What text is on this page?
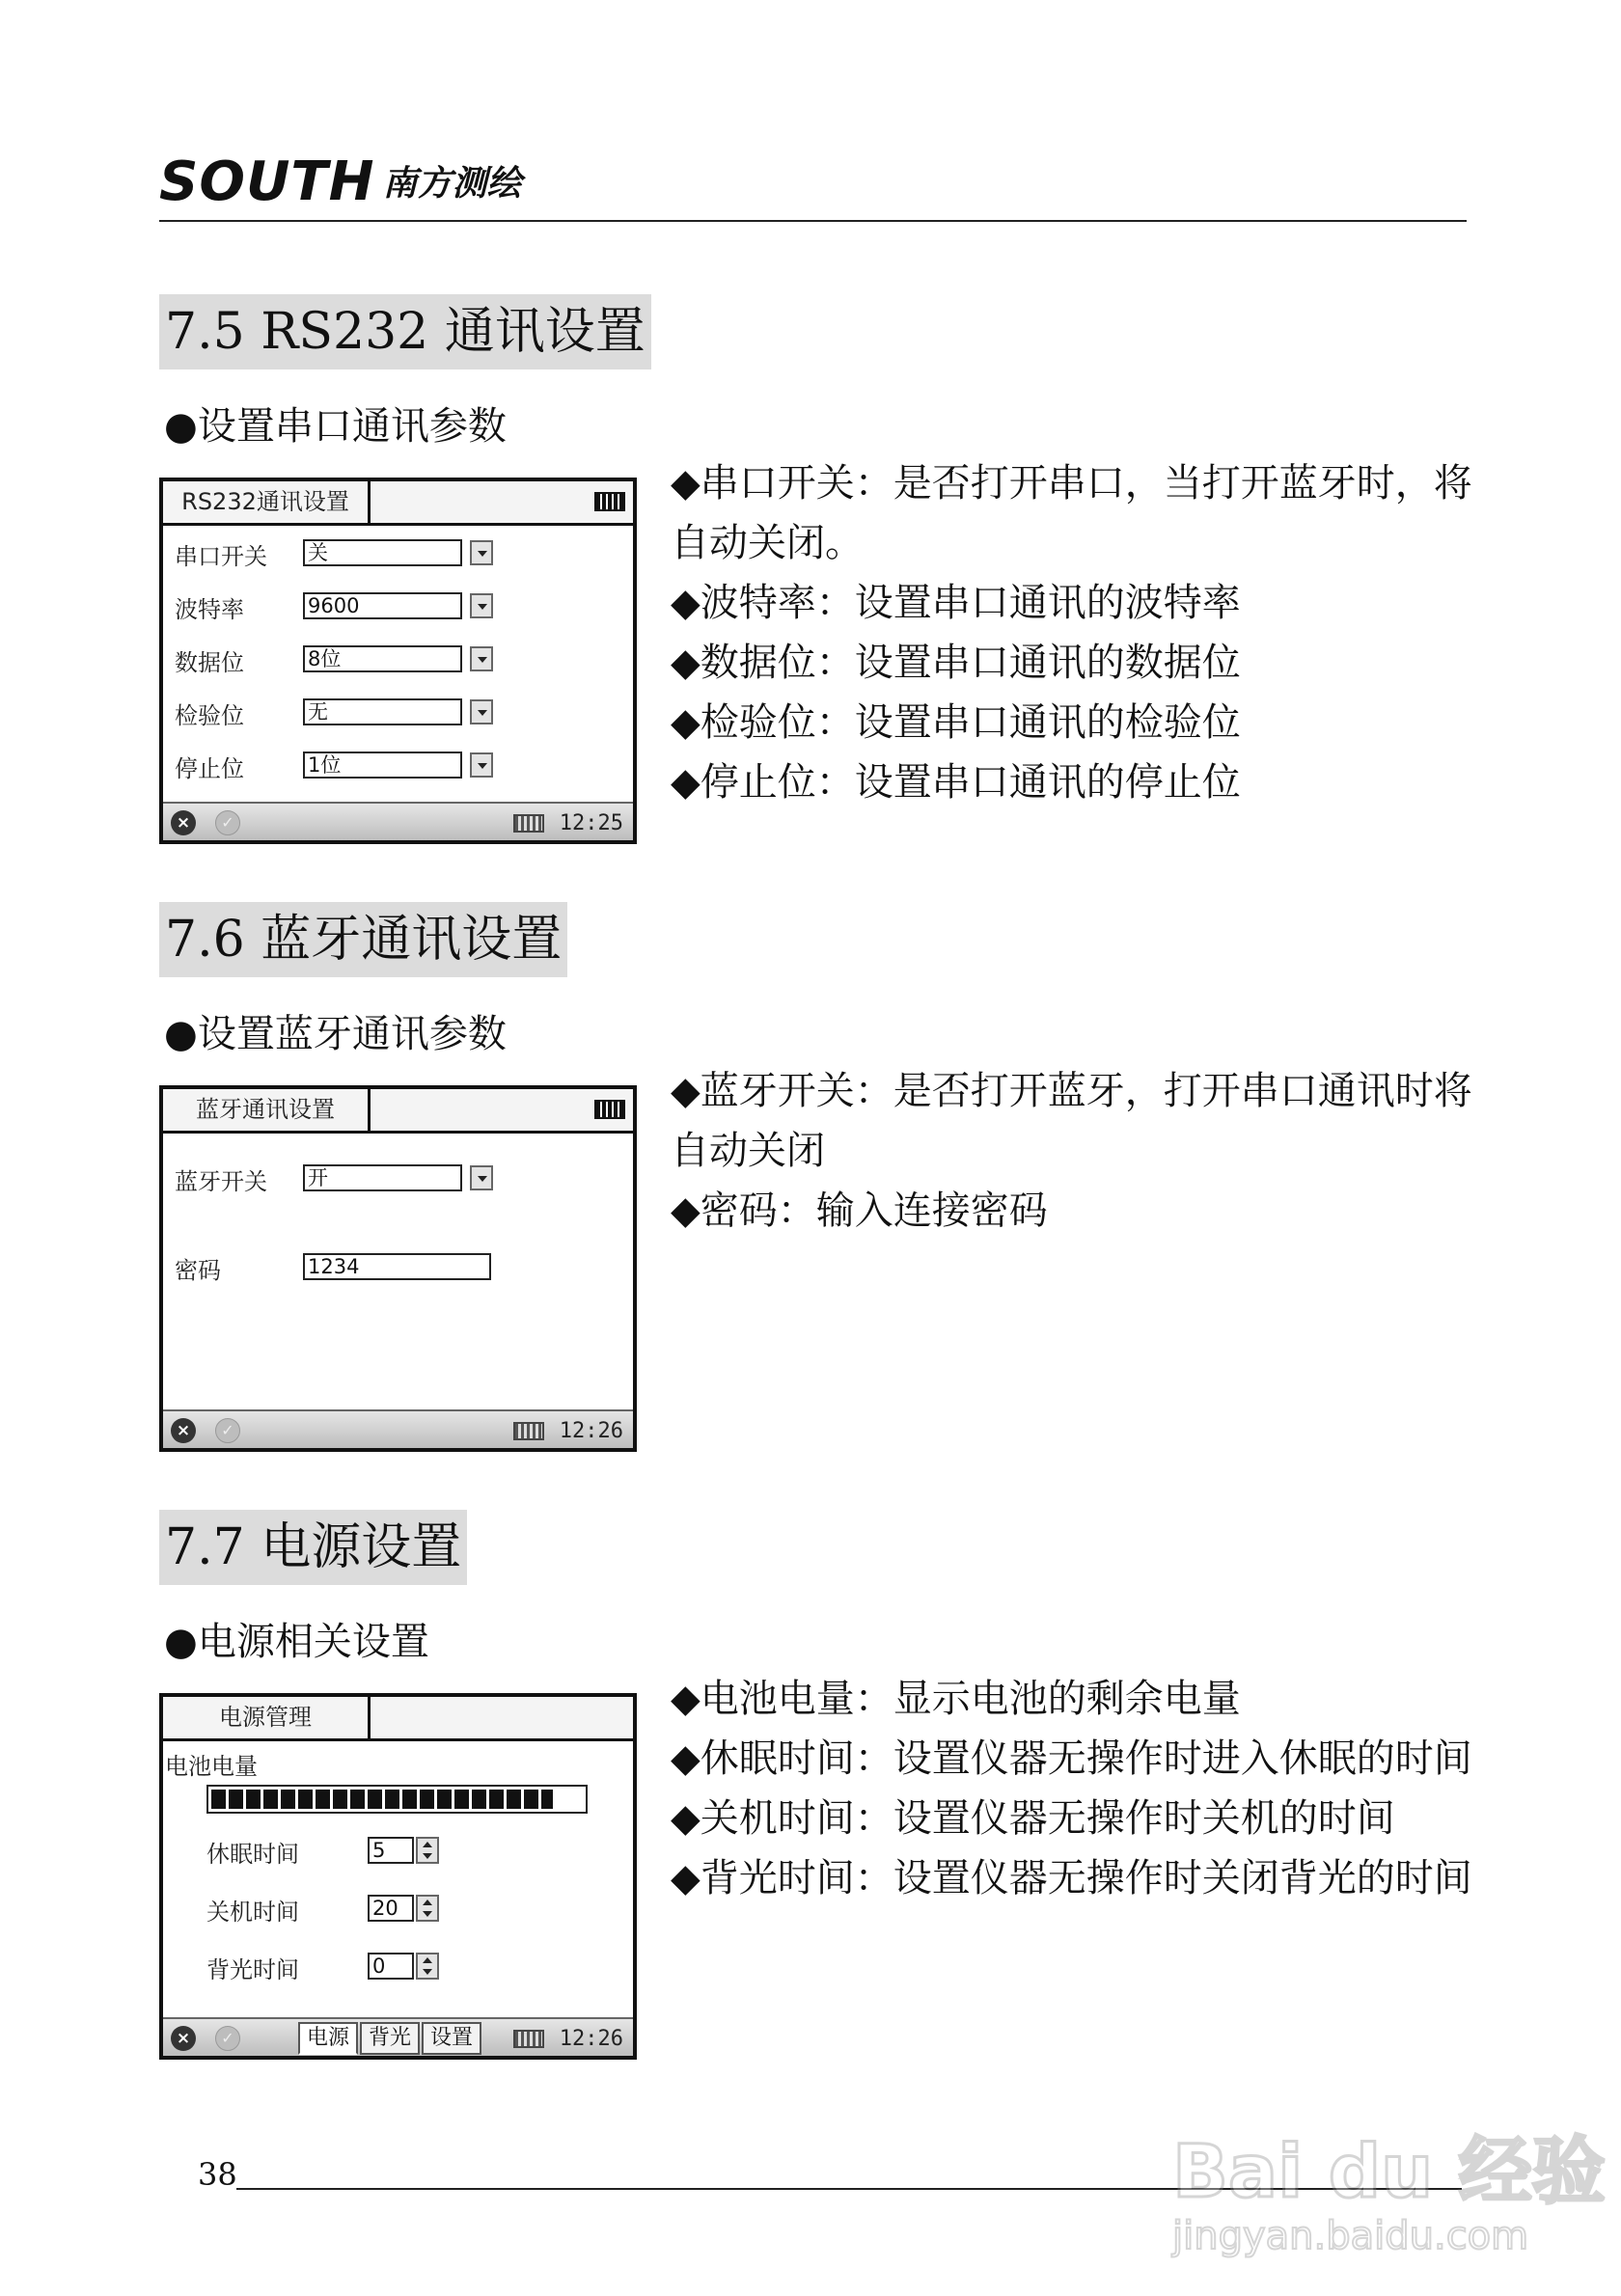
SOUTH 南方测绘
7.5 RS232 通讯设置
●设置串口通讯参数
RS232通讯设置
串口开关 关
波特率	9600
数据位	8位
检验位	无
停止位	1位
×	✓	12:25

◆串口开关：是否打开串口，当打开蓝牙时，将自动关闭。

◆波特率：设置串口通讯的波特率

◆数据位：设置串口通讯的数据位

◆检验位：设置串口通讯的检验位

◆停止位：设置串口通讯的停止位

7.6 蓝牙通讯设置
●设置蓝牙通讯参数
蓝牙通讯设置
蓝牙开关 开
密码	1234
×	✓	12:26

◆蓝牙开关：是否打开蓝牙，打开串口通讯时将自动关闭

◆密码：输入连接密码

7.7 电源设置
●电源相关设置
电源管理
电池电量
休眠时间	5
关机时间	20
背光时间	0
×	✓	电源 背光 设置	12:26

◆电池电量：显示电池的剩余电量

◆休眠时间：设置仪器无操作时进入休眠的时间

◆关机时间：设置仪器无操作时关机的时间

◆背光时间：设置仪器无操作时关闭背光的时间

38	Bai du 经验
jingyan.baidu.com
